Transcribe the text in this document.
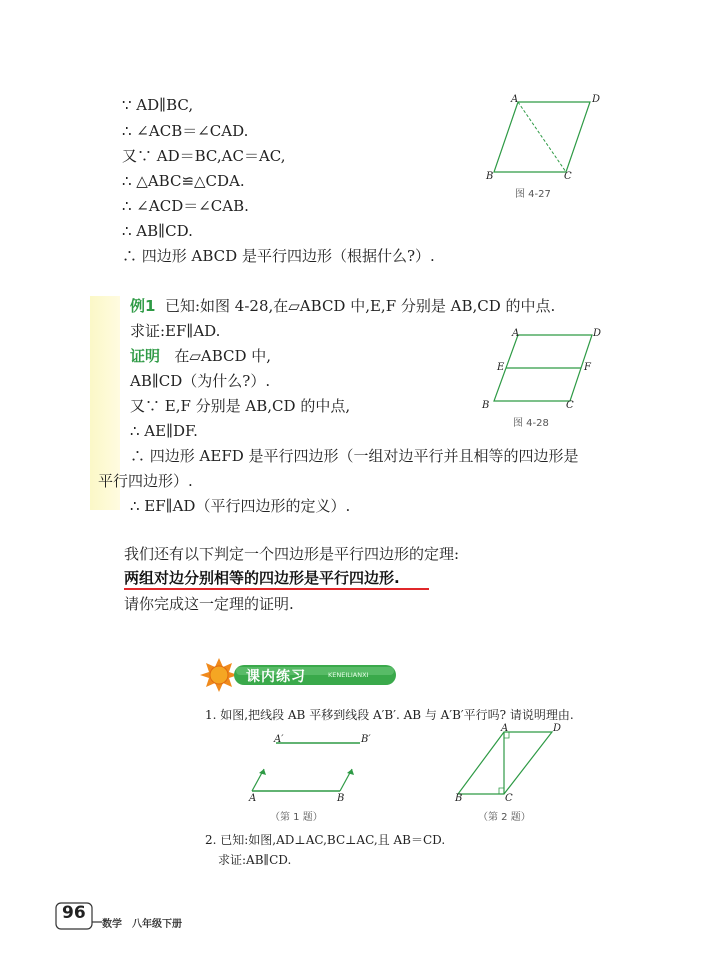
∵ AD∥BC,
∴ ∠ACB＝∠CAD.
又∵ AD＝BC,AC＝AC,
∴ △ABC≌△CDA.
∴ ∠ACD＝∠CAB.
∴ AB∥CD.
∴ 四边形 ABCD 是平行四边形（根据什么?）.
A	D
B	C
图 4-27
例1 已知:如图 4-28,在▱ABCD 中,E,F 分别是 AB,CD 的中点.
求证:EF∥AD.
证明 在▱ABCD 中,
AB∥CD（为什么?）.
又∵ E,F 分别是 AB,CD 的中点,
∴ AE∥DF.
∴ 四边形 AEFD 是平行四边形（一组对边平行并且相等的四边形是
平行四边形）.
∴ EF∥AD（平行四边形的定义）.
A	D
E	F
B	C
图 4-28
我们还有以下判定一个四边形是平行四边形的定理:
两组对边分别相等的四边形是平行四边形.
请你完成这一定理的证明.
课内练习	KENEILIANXI
1. 如图,把线段 AB 平移到线段 A′B′. AB 与 A′B′平行吗? 请说明理由.
A′	B′
A	B
（第 1 题）
A	D
B	C
（第 2 题）
2. 已知:如图,AD⊥AC,BC⊥AC,且 AB＝CD.
求证:AB∥CD.
96
数学　八年级下册
